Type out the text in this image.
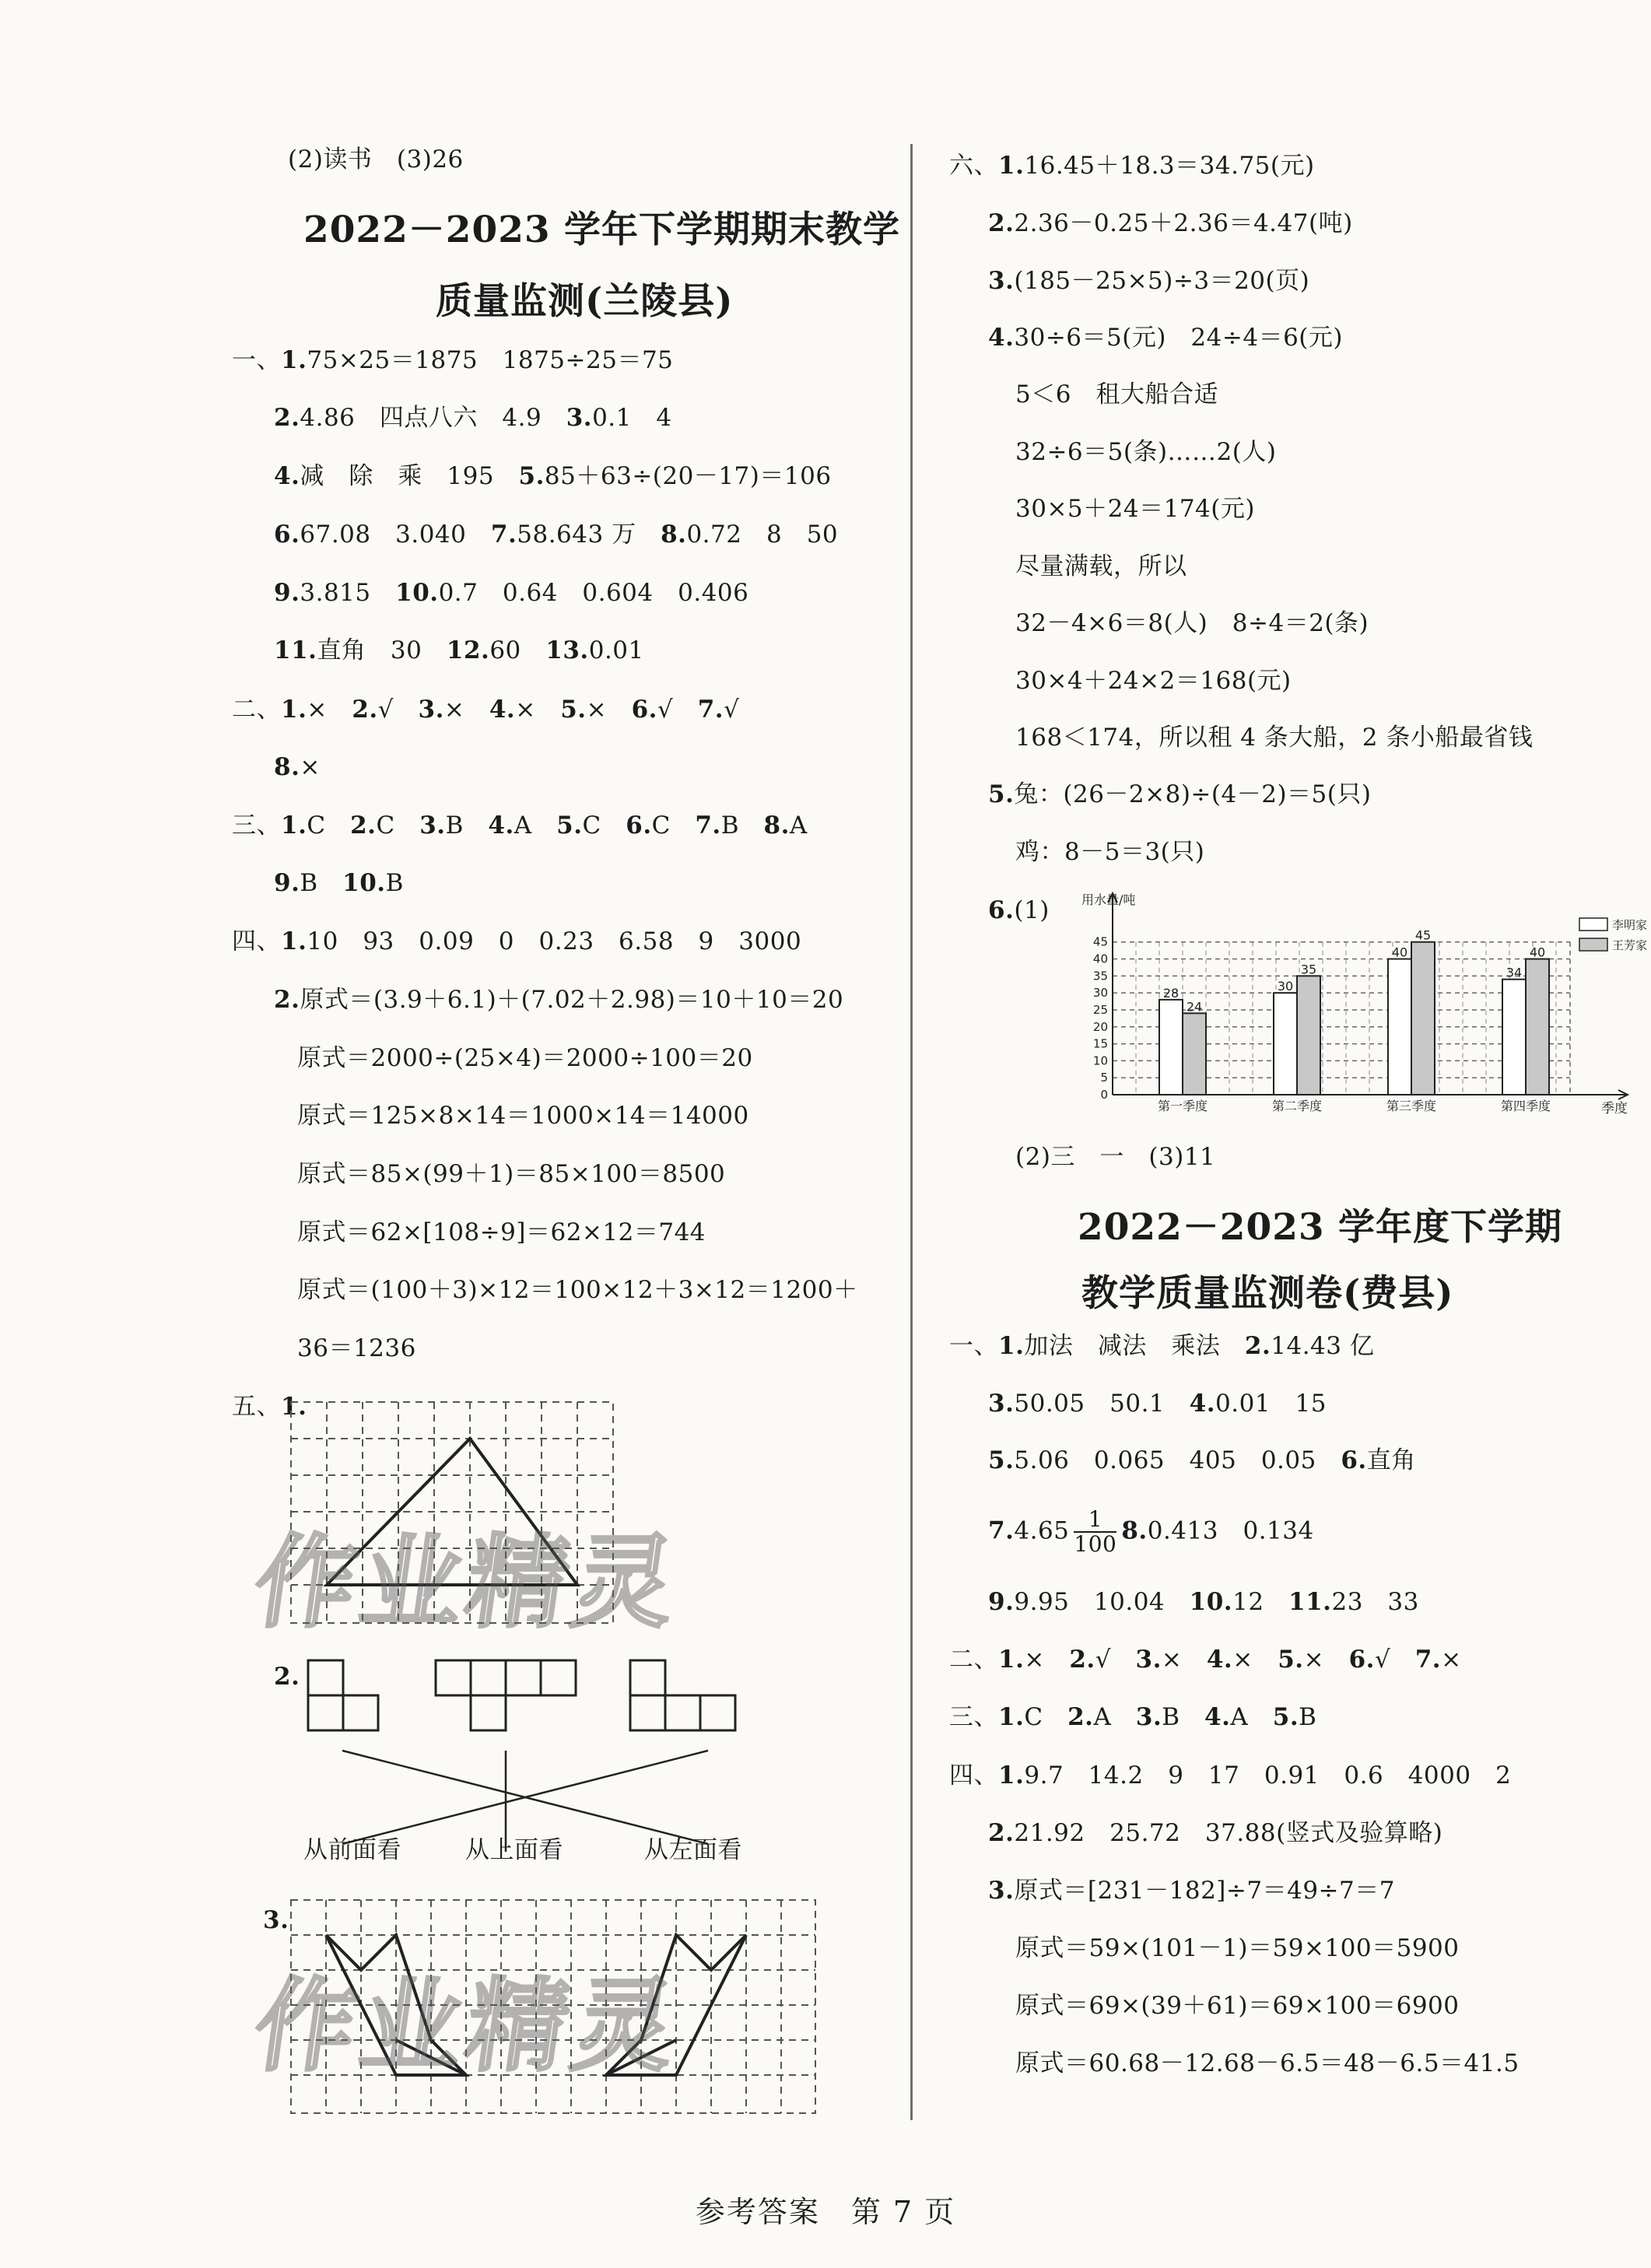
(2)读书　(3)26
2022－2023 学年下学期期末教学
质量监测(兰陵县)
一、1.75×25＝1875　1875÷25＝75
2.4.86　四点八六　4.9　3.0.1　4
4.减　除　乘　195　5.85＋63÷(20－17)＝106
6.67.08　3.040　7.58.643 万　8.0.72　8　50
9.3.815　10.0.7　0.64　0.604　0.406
11.直角　30　12.60　13.0.01
二、1.×　2.√　3.×　4.×　5.×　6.√　7.√
8.×
三、1.C　2.C　3.B　4.A　5.C　6.C　7.B　8.A
9.B　10.B
四、1.10　93　0.09　0　0.23　6.58　9　3000
2.原式＝(3.9＋6.1)＋(7.02＋2.98)＝10＋10＝20
原式＝2000÷(25×4)＝2000÷100＝20
原式＝125×8×14＝1000×14＝14000
原式＝85×(99＋1)＝85×100＝8500
原式＝62×[108÷9]＝62×12＝744
原式＝(100＋3)×12＝100×12＋3×12＝1200＋
36＝1236
五、1.
作业精灵
2.
从前面看	从上面看	从左面看
3.
作业精灵
六、1.16.45＋18.3＝34.75(元)
2.2.36－0.25＋2.36＝4.47(吨)
3.(185－25×5)÷3＝20(页)
4.30÷6＝5(元)　24÷4＝6(元)
5＜6　租大船合适
32÷6＝5(条)……2(人)
30×5＋24＝174(元)
尽量满载，所以
32－4×6＝8(人)　8÷4＝2(条)
30×4＋24×2＝168(元)
168＜174，所以租 4 条大船，2 条小船最省钱
5.兔：(26－2×8)÷(4－2)＝5(只)
鸡：8－5＝3(只)
6.(1)	用水量/吨
季度
0
5
10
15
20
25
30
35
40
45
28
24
30
35
40
45
34
40
第一季度	第二季度	第三季度	第四季度
李明家
王芳家
(2)三　一　(3)11
2022－2023 学年度下学期
教学质量监测卷(费县)
一、1.加法　减法　乘法　2.14.43 亿
3.50.05　50.1　4.0.01　15
5.5.06　0.065　405　0.05　6.直角
$7.4.65 \frac{1}{100} 8.0.413$　0.134
9.9.95　10.04　10.12　11.23　33
二、1.×　2.√　3.×　4.×　5.×　6.√　7.×
三、1.C　2.A　3.B　4.A　5.B
四、1.9.7　14.2　9　17　0.91　0.6　4000　2
2.21.92　25.72　37.88(竖式及验算略)
3.原式＝[231－182]÷7＝49÷7＝7
原式＝59×(101－1)＝59×100＝5900
原式＝69×(39＋61)＝69×100＝6900
原式＝60.68－12.68－6.5＝48－6.5＝41.5
参考答案　 第 7 页
